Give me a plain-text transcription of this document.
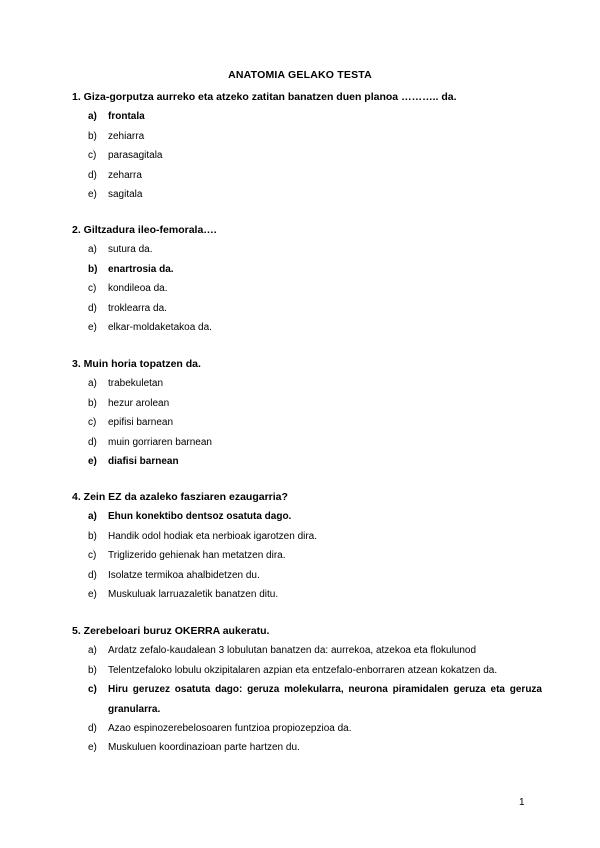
ANATOMIA GELAKO TESTA
1. Giza-gorputza aurreko eta atzeko zatitan banatzen duen planoa ……….. da.
a)	frontala
b)	zehiarra
c)	parasagitala
d)	zeharra
e)	sagitala
2. Giltzadura ileo-femorala….
a)	sutura da.
b)	enartrosia da.
c)	kondileoa da.
d)	troklearra da.
e)	elkar-moldaketakoa da.
3. Muin horia topatzen da.
a)	trabekuletan
b)	hezur arolean
c)	epifisi barnean
d)	muin gorriaren barnean
e)	diafisi barnean
4. Zein EZ da azaleko fasziaren ezaugarria?
a)	Ehun konektibo dentsoz osatuta dago.
b)	Handik odol hodiak eta nerbioak igarotzen dira.
c)	Triglizerido gehienak han metatzen dira.
d)	Isolatze termikoa ahalbidetzen du.
e)	Muskuluak larruazaletik banatzen ditu.
5. Zerebeloari buruz OKERRA aukeratu.
a)	Ardatz zefalo-kaudalean 3 lobulutan banatzen da: aurrekoa, atzekoa eta flokulunod
b)	Telentzefaloko lobulu okzipitalaren azpian eta entzefalo-enborraren atzean kokatzen da.
c)	Hiru geruzez osatuta dago: geruza molekularra, neurona piramidalen geruza eta geruza granularra.
d)	Azao espinozerebelosoaren funtzioa propiozepzioa da.
e)	Muskuluen koordinazioan parte hartzen du.
1
